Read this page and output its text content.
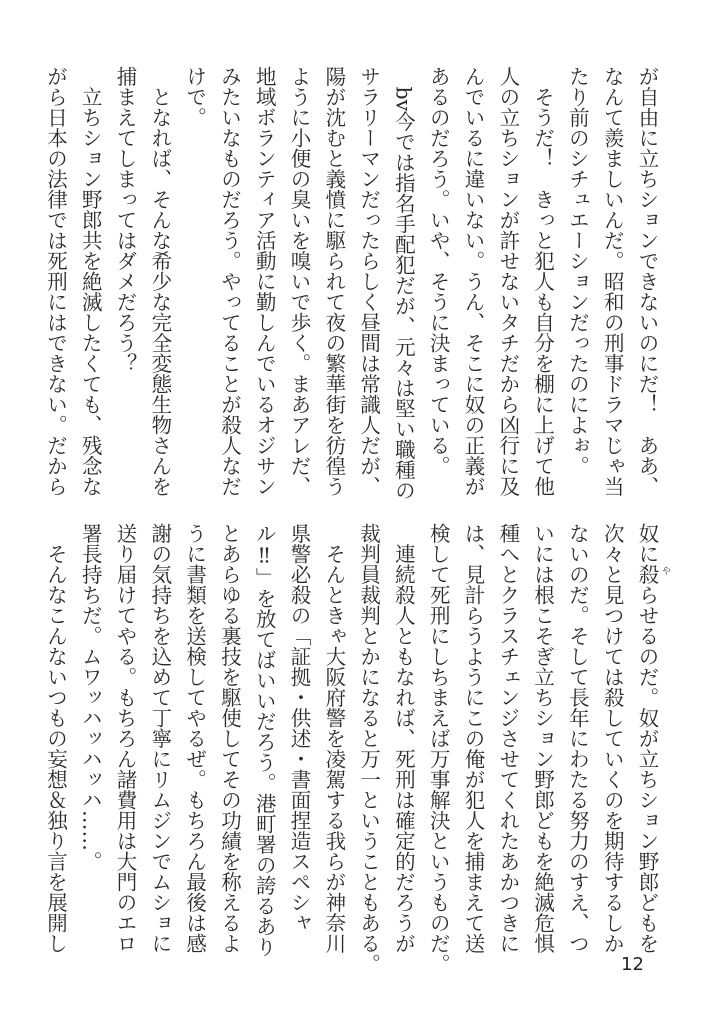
が自由に立ちションできないのにだ！　ああ、
なんて羨ましいんだ。昭和の刑事ドラマじゃ当
たり前のシチュエーションだったのによぉ。
　そうだ！　きっと犯人も自分を棚に上げて他
人の立ちションが許せないタチだから凶行に及
んでいるに違いない。うん、そこに奴の正義が
あるのだろう。いや、そうに決まっている。
　bv今では指名手配犯だが、元々は堅い職種の
サラリーマンだったらしく昼間は常識人だが、
陽が沈むと義憤に駆られて夜の繁華街を彷徨う
ように小便の臭いを嗅いで歩く。まあアレだ、
地域ボランティア活動に勤しんでいるオジサン
みたいなものだろう。やってることが殺人なだ
けで。
　となれば、そんな希少な完全変態生物さんを
捕まえてしまってはダメだろう？
　立ちション野郎共を絶滅したくても、残念な
がら日本の法律では死刑にはできない。だから
奴に殺 や
らせるのだ。奴が立ちション野郎どもを
次々と見つけては殺していくのを期待するしか
ないのだ。そして長年にわたる努力のすえ、つ
いには根こそぎ立ちション野郎どもを絶滅危惧
種へとクラスチェンジさせてくれたあかつきに
は、見計らうようにこの俺が犯人を捕まえて送
検して死刑にしちまえば万事解決というものだ。
　連続殺人ともなれば、死刑は確定的だろうが
裁判員裁判とかになると万一ということもある。
　そんときゃ大阪府警を凌駕する我らが神奈川
県警必殺の「証拠・供述・書面捏造スペシャ
ル‼」を放てばいいだろう。港町署の誇るあり
とあらゆる裏技を駆使してその功績を称えるよ
うに書類を送検してやるぜ。もちろん最後は感
謝の気持ちを込めて丁寧にリムジンでムショに
送り届けてやる。もちろん諸費用は大門のエロ
署長持ちだ。ムワッハッハッハ……。
　そんなこんないつもの妄想＆独り言を展開し
12
